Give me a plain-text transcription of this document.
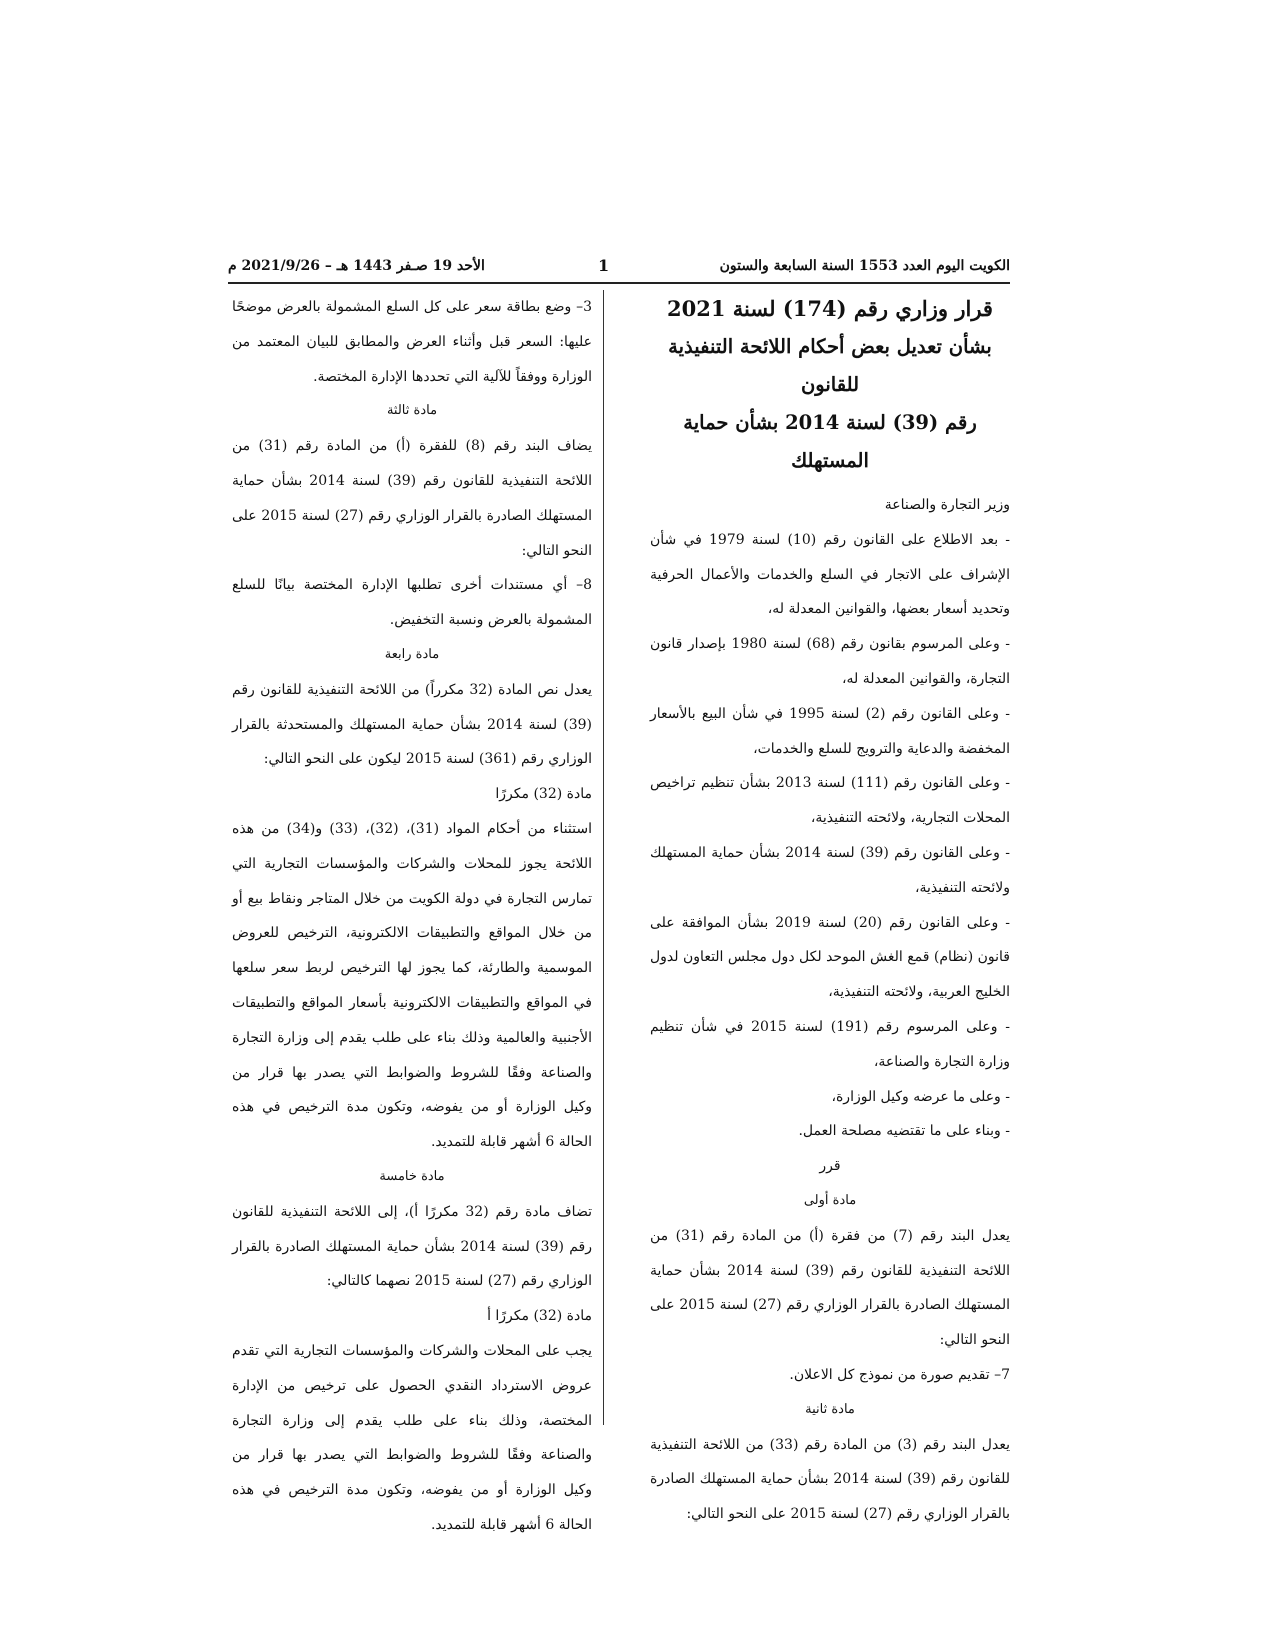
الكويت اليوم العدد 1553 السنة السابعة والستون
1
الأحد 19 صـفر 1443 هـ – 2021/9/26 م

قرار وزاري رقم (174) لسنة 2021

بشأن تعديل بعض أحكام اللائحة التنفيذية للقانون

رقم (39) لسنة 2014 بشأن حماية المستهلك

وزير التجارة والصناعة

- بعد الاطلاع على القانون رقم (10) لسنة 1979 في شأن الإشراف على الاتجار في السلع والخدمات والأعمال الحرفية وتحديد أسعار بعضها، والقوانين المعدلة له،

- وعلى المرسوم بقانون رقم (68) لسنة 1980 بإصدار قانون التجارة، والقوانين المعدلة له،

- وعلى القانون رقم (2) لسنة 1995 في شأن البيع بالأسعار المخفضة والدعاية والترويج للسلع والخدمات،

- وعلى القانون رقم (111) لسنة 2013 بشأن تنظيم تراخيص المحلات التجارية، ولائحته التنفيذية،

- وعلى القانون رقم (39) لسنة 2014 بشأن حماية المستهلك ولائحته التنفيذية،

- وعلى القانون رقم (20) لسنة 2019 بشأن الموافقة على قانون (نظام) قمع الغش الموحد لكل دول مجلس التعاون لدول الخليج العربية، ولائحته التنفيذية،

- وعلى المرسوم رقم (191) لسنة 2015 في شأن تنظيم وزارة التجارة والصناعة،

- وعلى ما عرضه وكيل الوزارة،

- وبناء على ما تقتضيه مصلحة العمل.

قرر

مادة أولى

يعدل البند رقم (7) من فقرة (أ) من المادة رقم (31) من اللائحة التنفيذية للقانون رقم (39) لسنة 2014 بشأن حماية المستهلك الصادرة بالقرار الوزاري رقم (27) لسنة 2015 على النحو التالي:

7– تقديم صورة من نموذج كل الاعلان.

مادة ثانية

يعدل البند رقم (3) من المادة رقم (33) من اللائحة التنفيذية للقانون رقم (39) لسنة 2014 بشأن حماية المستهلك الصادرة بالقرار الوزاري رقم (27) لسنة 2015 على النحو التالي:

3– وضع بطاقة سعر على كل السلع المشمولة بالعرض موضحًا عليها: السعر قبل وأثناء العرض والمطابق للبيان المعتمد من الوزارة ووفقاً للآلية التي تحددها الإدارة المختصة.

مادة ثالثة

يضاف البند رقم (8) للفقرة (أ) من المادة رقم (31) من اللائحة التنفيذية للقانون رقم (39) لسنة 2014 بشأن حماية المستهلك الصادرة بالقرار الوزاري رقم (27) لسنة 2015 على النحو التالي:

8– أي مستندات أخرى تطلبها الإدارة المختصة بيانًا للسلع المشمولة بالعرض ونسبة التخفيض.

مادة رابعة

يعدل نص المادة (32 مكرراً) من اللائحة التنفيذية للقانون رقم (39) لسنة 2014 بشأن حماية المستهلك والمستحدثة بالقرار الوزاري رقم (361) لسنة 2015 ليكون على النحو التالي:

مادة (32) مكررًا

استثناء من أحكام المواد (31)، (32)، (33) و(34) من هذه اللائحة يجوز للمحلات والشركات والمؤسسات التجارية التي تمارس التجارة في دولة الكويت من خلال المتاجر ونقاط بيع أو من خلال المواقع والتطبيقات الالكترونية، الترخيص للعروض الموسمية والطارئة، كما يجوز لها الترخيص لربط سعر سلعها في المواقع والتطبيقات الالكترونية بأسعار المواقع والتطبيقات الأجنبية والعالمية وذلك بناء على طلب يقدم إلى وزارة التجارة والصناعة وفقًا للشروط والضوابط التي يصدر بها قرار من وكيل الوزارة أو من يفوضه، وتكون مدة الترخيص في هذه الحالة 6 أشهر قابلة للتمديد.

مادة خامسة

تضاف مادة رقم (32 مكررًا أ)، إلى اللائحة التنفيذية للقانون رقم (39) لسنة 2014 بشأن حماية المستهلك الصادرة بالقرار الوزاري رقم (27) لسنة 2015 نصهما كالتالي:

مادة (32) مكررًا أ

يجب على المحلات والشركات والمؤسسات التجارية التي تقدم عروض الاسترداد النقدي الحصول على ترخيص من الإدارة المختصة، وذلك بناء على طلب يقدم إلى وزارة التجارة والصناعة وفقًا للشروط والضوابط التي يصدر بها قرار من وكيل الوزارة أو من يفوضه، وتكون مدة الترخيص في هذه الحالة 6 أشهر قابلة للتمديد.
